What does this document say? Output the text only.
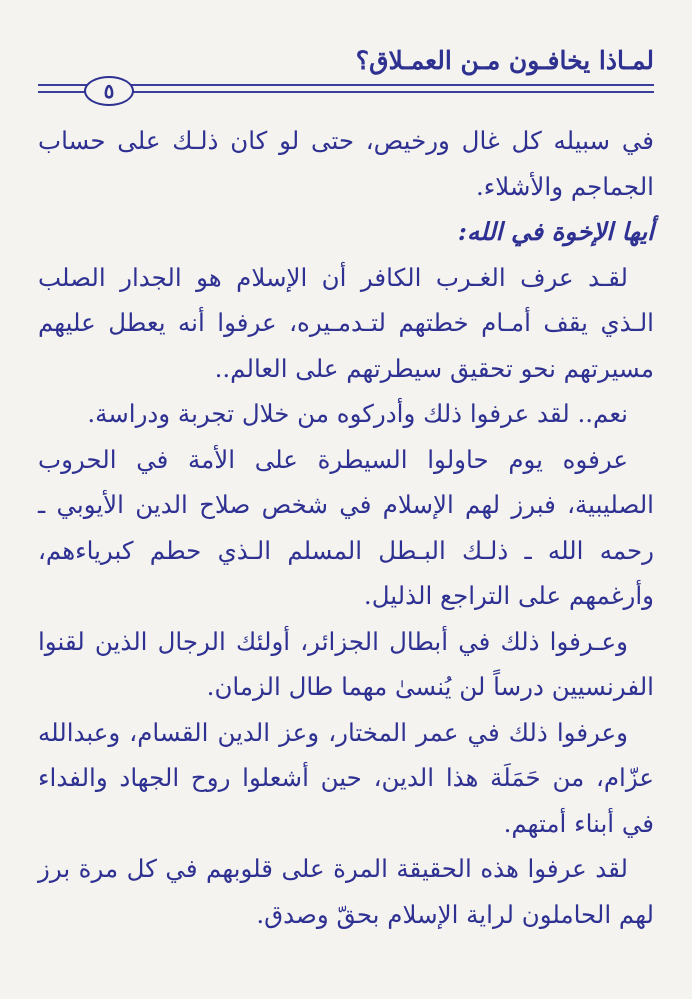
لمـاذا يخافـون مـن العمـلاق؟
٥

في سبيله كل غال ورخيص، حتى لو كان ذلـك على حساب الجماجم والأشلاء.

أيها الإخوة في الله:

لقـد عرف الغـرب الكافر أن الإسلام هو الجدار الصلب الـذي يقف أمـام خطتهم لتـدمـيره، عرفوا أنه يعطل عليهم مسيرتهم نحو تحقيق سيطرتهم على العالم..

نعم.. لقد عرفوا ذلك وأدركوه من خلال تجربة ودراسة.

عرفوه يوم حاولوا السيطرة على الأمة في الحروب الصليبية، فبرز لهم الإسلام في شخص صلاح الدين الأيوبي ـ رحمه الله ـ ذلـك البـطل المسلم الـذي حطم كبرياءهم، وأرغمهم على التراجع الذليل.

وعـرفوا ذلك في أبطال الجزائر، أولئك الرجال الذين لقنوا الفرنسيين درساً لن يُنسىٰ مهما طال الزمان.

وعرفوا ذلك في عمر المختار، وعز الدين القسام، وعبدالله عزّام، من حَمَلَة هذا الدين، حين أشعلوا روح الجهاد والفداء في أبناء أمتهم.

لقد عرفوا هذه الحقيقة المرة على قلوبهم في كل مرة برز لهم الحاملون لراية الإسلام بحقّ وصدق.
